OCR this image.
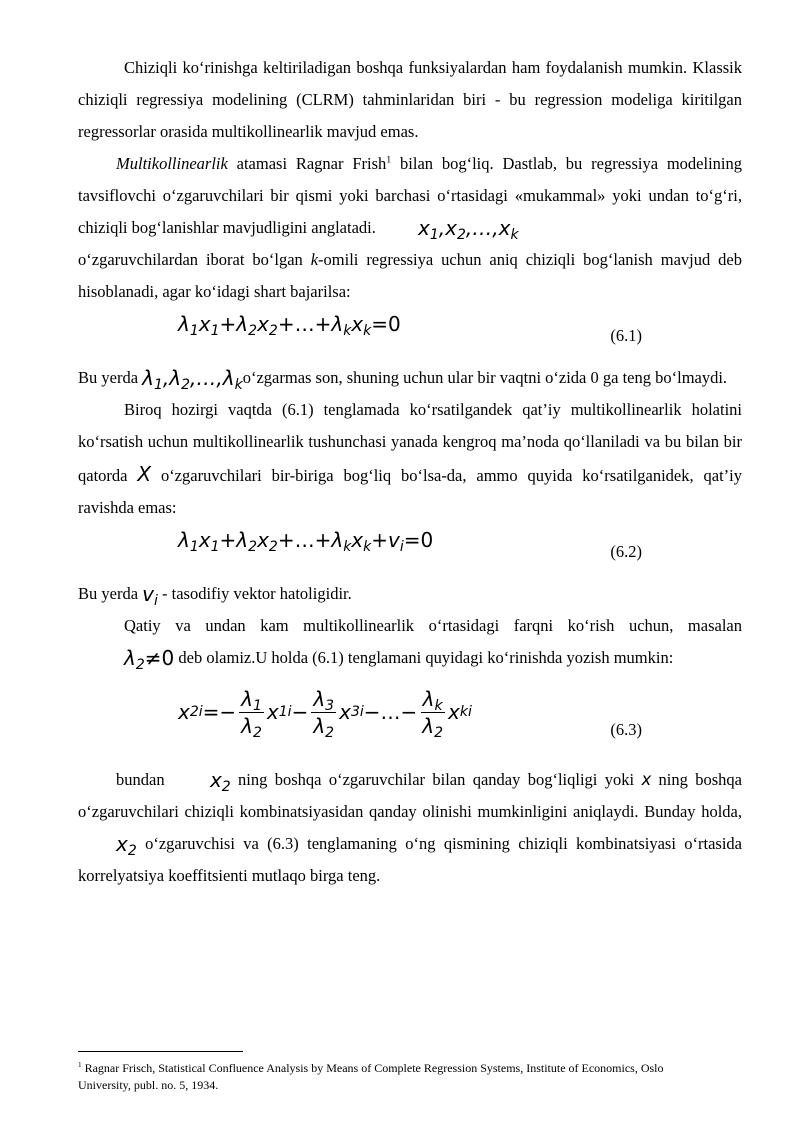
Chiziqli koʻrinishga keltiriladigan boshqa funksiyalardan ham foydalanish mumkin. Klassik chiziqli regressiya modelining (CLRM) tahminlaridan biri - bu regression modeliga kiritilgan regressorlar orasida multikollinearlik mavjud emas.

Multikollinearlik atamasi Ragnar Frish$^1$ bilan bogʻliq. Dastlab, bu regressiya modelining tavsiflovchi oʻzgaruvchilari bir qismi yoki barchasi oʻrtasidagi «mukammal» yoki undan toʻgʻri, chiziqli bogʻlanishlar mavjudligini anglatadi. $x_1,x_2,\dots,x_k$
oʻzgaruvchilardan iborat boʻlgan k-omili regressiya uchun aniq chiziqli bogʻlanish mavjud deb hisoblanadi, agar koʻidagi shart bajarilsa:

$\lambda_1x_1+\lambda_2x_2+\dots+\lambda_kx_k=0$	(6.1)

Bu yerda $\lambda_1,\lambda_2,\dots,\lambda_koʻzgarmas$ son, shuning uchun ular bir vaqtni oʻzida 0 ga teng boʻlmaydi.

Biroq hozirgi vaqtda (6.1) tenglamada koʻrsatilgandek qat’iy multikollinearlik holatini koʻrsatish uchun multikollinearlik tushunchasi yanada kengroq ma’noda qoʻllaniladi va bu bilan bir qatorda X oʻzgaruvchilari bir-biriga bogʻliq boʻlsa-da, ammo quyida koʻrsatilganidek, qat’iy ravishda emas:

$\lambda_1x_1+\lambda_2x_2+\dots+\lambda_kx_k+v_i=0$	(6.2)

Bu yerda $v_i$ - tasodifiy vektor hatoligidir.

Qatiy va undan kam multikollinearlik oʻrtasidagi farqni koʻrish uchun, masalan $\lambda_2\ne 0$ deb olamiz.U holda (6.1) tenglamani quyidagi koʻrinishda yozish mumkin:

x $2i =- \frac{\lambda_1}{\lambda_2}$ x $1i - \frac{\lambda_3}{\lambda_2}$ x 3i −…− $\frac{\lambda_k}{\lambda_2}$ x ki
(6.3)

bundan $x_2$ ning boshqa oʻzgaruvchilar bilan qanday bogʻliqligi yoki x ning boshqa oʻzgaruvchilari chiziqli kombinatsiyasidan qanday olinishi mumkinligini aniqlaydi. Bunday holda, $x_2$ oʻzgaruvchisi va (6.3) tenglamaning oʻng qismining chiziqli kombinatsiyasi oʻrtasida korrelyatsiya koeffitsienti mutlaqo birga teng.

$^1$ Ragnar Frisch, Statistical Confluence Analysis by Means of Complete Regression Systems, Institute of Economics, Oslo University, publ. no. 5, 1934.
